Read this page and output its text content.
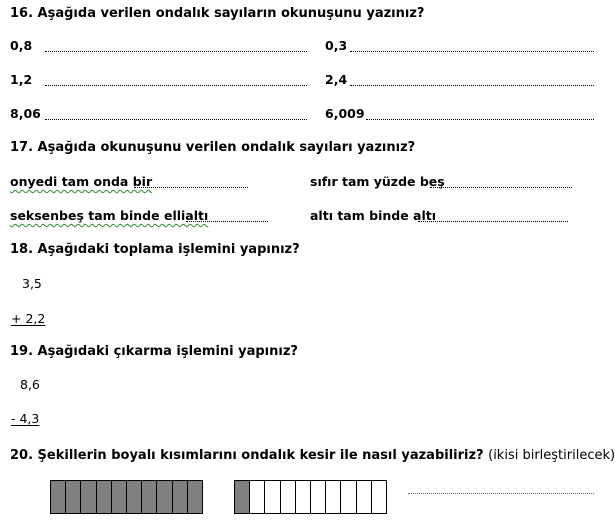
16. Aşağıda verilen ondalık sayıların okunuşunu yazınız?
0,8	0,3
1,2	2,4
8,06	6,009
17. Aşağıda okunuşunu verilen ondalık sayıları yazınız?
onyedi tam onda bir	sıfır tam yüzde beş
seksenbeş tam binde ellialtı	altı tam binde altı
18. Aşağıdaki toplama işlemini yapınız?
3,5
+ 2,2
19. Aşağıdaki çıkarma işlemini yapınız?
8,6
- 4,3
20. Şekillerin boyalı kısımlarını ondalık kesir ile nasıl yazabiliriz? (ikisi birleştirilecek)
